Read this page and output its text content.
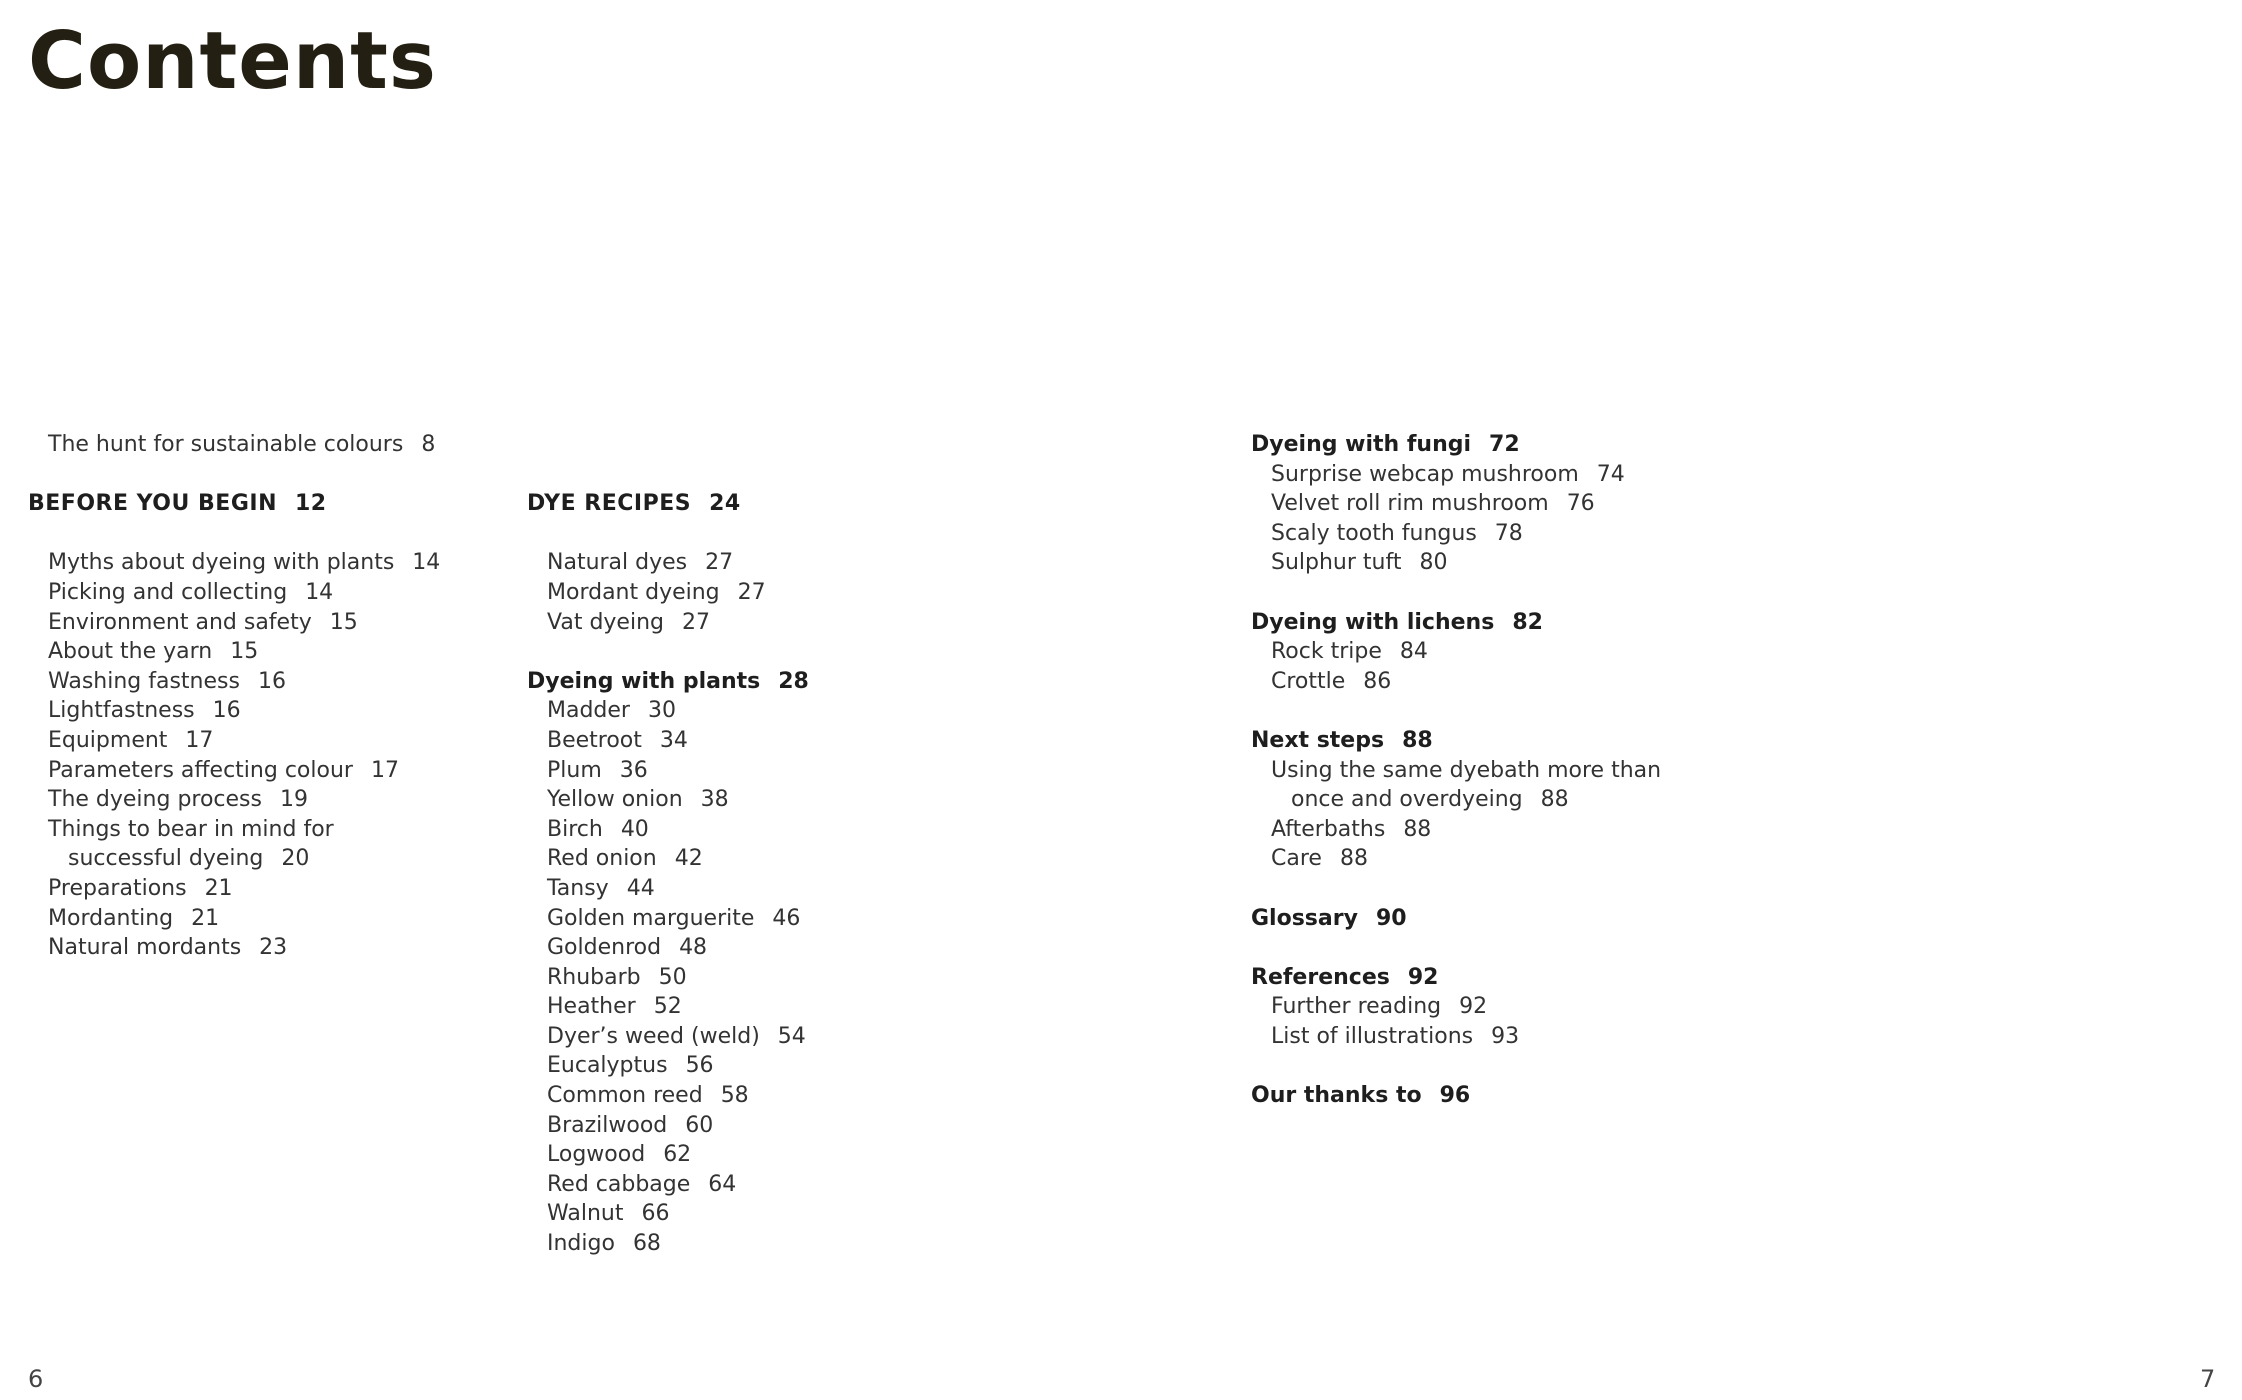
Contents
The hunt for sustainable colours 8
BEFORE YOU BEGIN 12
Myths about dyeing with plants 14
Picking and collecting 14
Environment and safety 15
About the yarn 15
Washing fastness 16
Lightfastness 16
Equipment 17
Parameters affecting colour 17
The dyeing process 19
Things to bear in mind for
successful dyeing 20
Preparations 21
Mordanting 21
Natural mordants 23
DYE RECIPES 24
Natural dyes 27
Mordant dyeing 27
Vat dyeing 27
Dyeing with plants 28
Madder 30
Beetroot 34
Plum 36
Yellow onion 38
Birch 40
Red onion 42
Tansy 44
Golden marguerite 46
Goldenrod 48
Rhubarb 50
Heather 52
Dyer’s weed (weld) 54
Eucalyptus 56
Common reed 58
Brazilwood 60
Logwood 62
Red cabbage 64
Walnut 66
Indigo 68
Dyeing with fungi 72
Surprise webcap mushroom 74
Velvet roll rim mushroom 76
Scaly tooth fungus 78
Sulphur tuft 80
Dyeing with lichens 82
Rock tripe 84
Crottle 86
Next steps 88
Using the same dyebath more than
once and overdyeing 88
Afterbaths 88
Care 88
Glossary 90
References 92
Further reading 92
List of illustrations 93
Our thanks to 96
6	7
